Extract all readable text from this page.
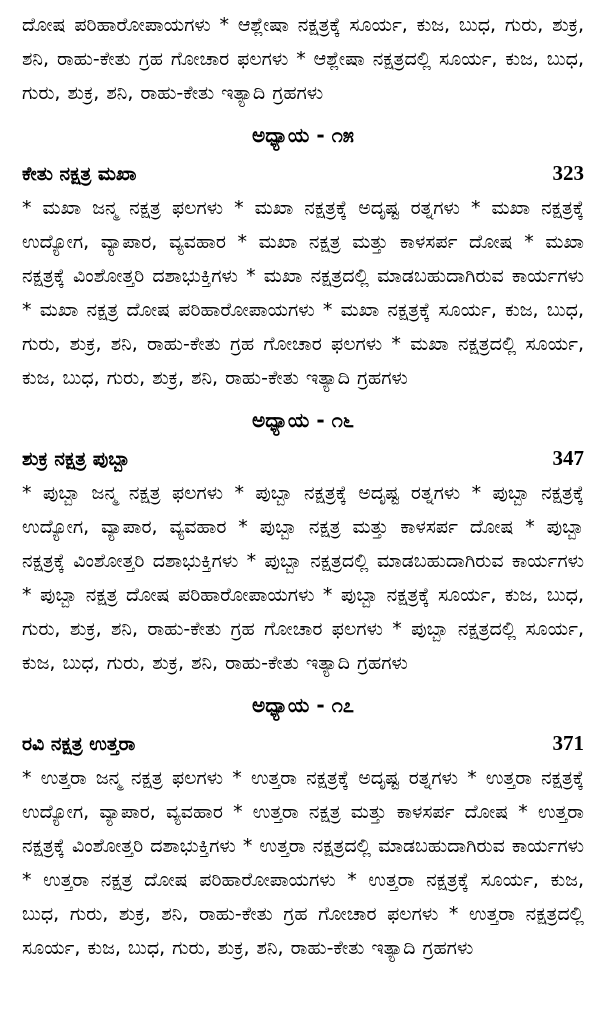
ದೋಷ ಪರಿಹಾರೋಪಾಯಗಳು * ಆಶ್ಲೇಷಾ ನಕ್ಷತ್ರಕ್ಕೆ ಸೂರ್ಯ, ಕುಜ, ಬುಧ, ಗುರು, ಶುಕ್ರ, ಶನಿ, ರಾಹು-ಕೇತು ಗ್ರಹ ಗೋಚಾರ ಫಲಗಳು * ಆಶ್ಲೇಷಾ ನಕ್ಷತ್ರದಲ್ಲಿ ಸೂರ್ಯ, ಕುಜ, ಬುಧ, ಗುರು, ಶುಕ್ರ, ಶನಿ, ರಾಹು-ಕೇತು ಇತ್ಯಾದಿ ಗ್ರಹಗಳು

ಅಧ್ಯಾಯ - ೧೫
ಕೇತು ನಕ್ಷತ್ರ ಮಖಾ	323

* ಮಖಾ ಜನ್ಮ ನಕ್ಷತ್ರ ಫಲಗಳು * ಮಖಾ ನಕ್ಷತ್ರಕ್ಕೆ ಅದೃಷ್ಟ ರತ್ನಗಳು * ಮಖಾ ನಕ್ಷತ್ರಕ್ಕೆ ಉದ್ಯೋಗ, ವ್ಯಾಪಾರ, ವ್ಯವಹಾರ * ಮಖಾ ನಕ್ಷತ್ರ ಮತ್ತು ಕಾಳಸರ್ಪ ದೋಷ * ಮಖಾ ನಕ್ಷತ್ರಕ್ಕೆ ವಿಂಶೋತ್ತರಿ ದಶಾಭುಕ್ತಿಗಳು * ಮಖಾ ನಕ್ಷತ್ರದಲ್ಲಿ ಮಾಡಬಹುದಾಗಿರುವ ಕಾರ್ಯಗಳು * ಮಖಾ ನಕ್ಷತ್ರ ದೋಷ ಪರಿಹಾರೋಪಾಯಗಳು * ಮಖಾ ನಕ್ಷತ್ರಕ್ಕೆ ಸೂರ್ಯ, ಕುಜ, ಬುಧ, ಗುರು, ಶುಕ್ರ, ಶನಿ, ರಾಹು-ಕೇತು ಗ್ರಹ ಗೋಚಾರ ಫಲಗಳು * ಮಖಾ ನಕ್ಷತ್ರದಲ್ಲಿ ಸೂರ್ಯ, ಕುಜ, ಬುಧ, ಗುರು, ಶುಕ್ರ, ಶನಿ, ರಾಹು-ಕೇತು ಇತ್ಯಾದಿ ಗ್ರಹಗಳು

ಅಧ್ಯಾಯ - ೧೬
ಶುಕ್ರ ನಕ್ಷತ್ರ ಪುಬ್ಬಾ	347

* ಪುಬ್ಬಾ ಜನ್ಮ ನಕ್ಷತ್ರ ಫಲಗಳು * ಪುಬ್ಬಾ ನಕ್ಷತ್ರಕ್ಕೆ ಅದೃಷ್ಟ ರತ್ನಗಳು * ಪುಬ್ಬಾ ನಕ್ಷತ್ರಕ್ಕೆ ಉದ್ಯೋಗ, ವ್ಯಾಪಾರ, ವ್ಯವಹಾರ * ಪುಬ್ಬಾ ನಕ್ಷತ್ರ ಮತ್ತು ಕಾಳಸರ್ಪ ದೋಷ * ಪುಬ್ಬಾ ನಕ್ಷತ್ರಕ್ಕೆ ವಿಂಶೋತ್ತರಿ ದಶಾಭುಕ್ತಿಗಳು * ಪುಬ್ಬಾ ನಕ್ಷತ್ರದಲ್ಲಿ ಮಾಡಬಹುದಾಗಿರುವ ಕಾರ್ಯಗಳು * ಪುಬ್ಬಾ ನಕ್ಷತ್ರ ದೋಷ ಪರಿಹಾರೋಪಾಯಗಳು * ಪುಬ್ಬಾ ನಕ್ಷತ್ರಕ್ಕೆ ಸೂರ್ಯ, ಕುಜ, ಬುಧ, ಗುರು, ಶುಕ್ರ, ಶನಿ, ರಾಹು-ಕೇತು ಗ್ರಹ ಗೋಚಾರ ಫಲಗಳು * ಪುಬ್ಬಾ ನಕ್ಷತ್ರದಲ್ಲಿ ಸೂರ್ಯ, ಕುಜ, ಬುಧ, ಗುರು, ಶುಕ್ರ, ಶನಿ, ರಾಹು-ಕೇತು ಇತ್ಯಾದಿ ಗ್ರಹಗಳು

ಅಧ್ಯಾಯ - ೧೭
ರವಿ ನಕ್ಷತ್ರ ಉತ್ತರಾ	371

* ಉತ್ತರಾ ಜನ್ಮ ನಕ್ಷತ್ರ ಫಲಗಳು * ಉತ್ತರಾ ನಕ್ಷತ್ರಕ್ಕೆ ಅದೃಷ್ಟ ರತ್ನಗಳು * ಉತ್ತರಾ ನಕ್ಷತ್ರಕ್ಕೆ ಉದ್ಯೋಗ, ವ್ಯಾಪಾರ, ವ್ಯವಹಾರ * ಉತ್ತರಾ ನಕ್ಷತ್ರ ಮತ್ತು ಕಾಳಸರ್ಪ ದೋಷ * ಉತ್ತರಾ ನಕ್ಷತ್ರಕ್ಕೆ ವಿಂಶೋತ್ತರಿ ದಶಾಭುಕ್ತಿಗಳು * ಉತ್ತರಾ ನಕ್ಷತ್ರದಲ್ಲಿ ಮಾಡಬಹುದಾಗಿರುವ ಕಾರ್ಯಗಳು * ಉತ್ತರಾ ನಕ್ಷತ್ರ ದೋಷ ಪರಿಹಾರೋಪಾಯಗಳು * ಉತ್ತರಾ ನಕ್ಷತ್ರಕ್ಕೆ ಸೂರ್ಯ, ಕುಜ, ಬುಧ, ಗುರು, ಶುಕ್ರ, ಶನಿ, ರಾಹು-ಕೇತು ಗ್ರಹ ಗೋಚಾರ ಫಲಗಳು * ಉತ್ತರಾ ನಕ್ಷತ್ರದಲ್ಲಿ ಸೂರ್ಯ, ಕುಜ, ಬುಧ, ಗುರು, ಶುಕ್ರ, ಶನಿ, ರಾಹು-ಕೇತು ಇತ್ಯಾದಿ ಗ್ರಹಗಳು
